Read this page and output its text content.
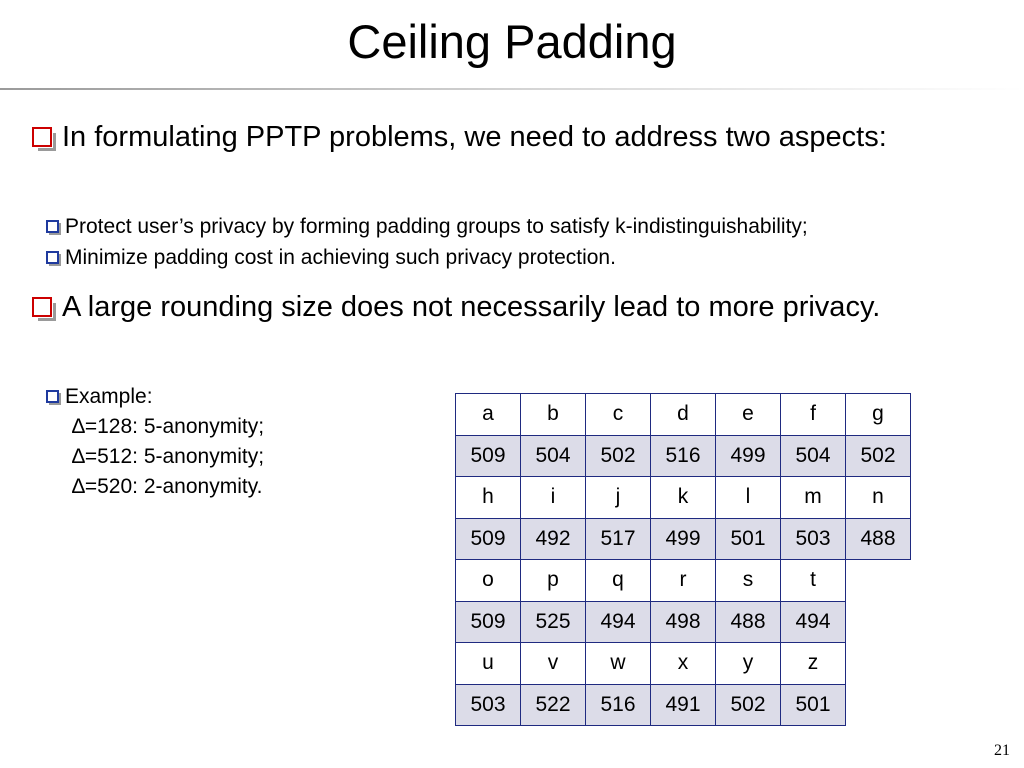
Ceiling Padding
In formulating PPTP problems, we need to address two aspects:
Protect user’s privacy by forming padding groups to satisfy k-indistinguishability;
Minimize padding cost in achieving such privacy protection.
A large rounding size does not necessarily lead to more privacy.
Example:
∆=128: 5-anonymity;
∆=512: 5-anonymity;
∆=520: 2-anonymity.
a	b	c	d	e	f	g
509	504	502	516	499	504	502
h	i	j	k	l	m	n
509	492	517	499	501	503	488
o	p	q	r	s	t	
509	525	494	498	488	494	
u	v	w	x	y	z	
503	522	516	491	502	501	
21
